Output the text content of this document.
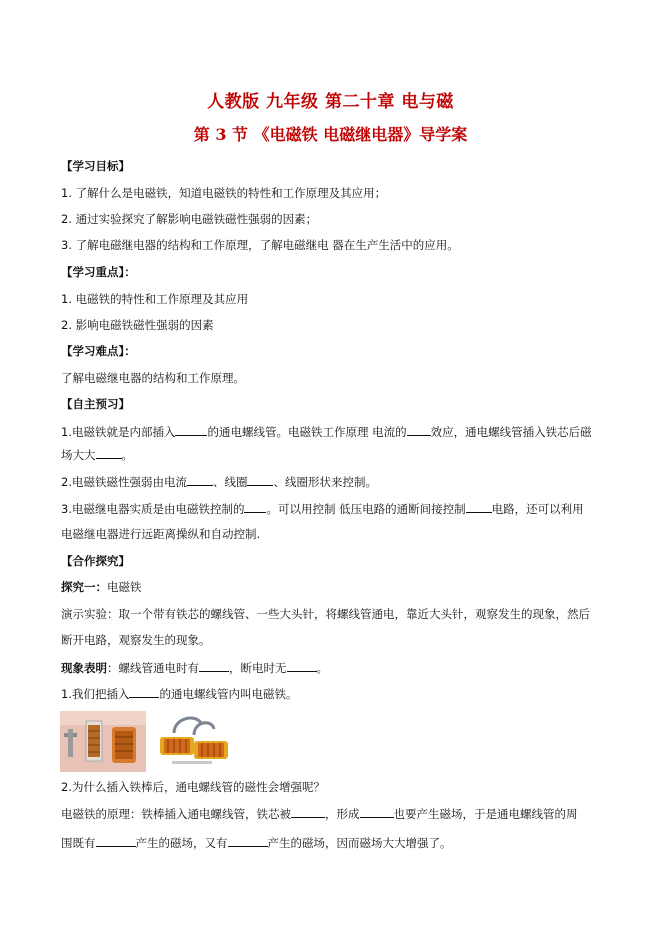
人教版 九年级 第二十章 电与磁
第 3 节 《电磁铁 电磁继电器》导学案
【学习目标】
1. 了解什么是电磁铁，知道电磁铁的特性和工作原理及其应用；
2. 通过实验探究了解影响电磁铁磁性强弱的因素；
3. 了解电磁继电器的结构和工作原理，了解电磁继电 器在生产生活中的应用。
【学习重点】：
1. 电磁铁的特性和工作原理及其应用
2. 影响电磁铁磁性强弱的因素
【学习难点】：
了解电磁继电器的结构和工作原理。
【自主预习】
1.电磁铁就是内部插入	的通电螺线管。电磁铁工作原理 电流的 效应，通电螺线管插入铁芯后磁
场大大 。
2.电磁铁磁性强弱由电流 、线圈 、线圈形状来控制。
3.电磁继电器实质是由电磁铁控制的 。可以用控制 低压电路的通断间接控制 电路，还可以利用
电磁继电器进行远距离操纵和自动控制.
【合作探究】
探究一：电磁铁
演示实验：取一个带有铁芯的螺线管、一些大头针，将螺线管通电，靠近大头针，观察发生的现象，然后
断开电路，观察发生的现象。
现象表明：螺线管通电时有	，断电时无	。
1.我们把插入	的通电螺线管内叫电磁铁。
2.为什么插入铁棒后，通电螺线管的磁性会增强呢？
电磁铁的原理：铁棒插入通电螺线管，铁芯被	，形成	也要产生磁场，于是通电螺线管的周
围既有	产生的磁场，又有	产生的磁场，因而磁场大大增强了。
